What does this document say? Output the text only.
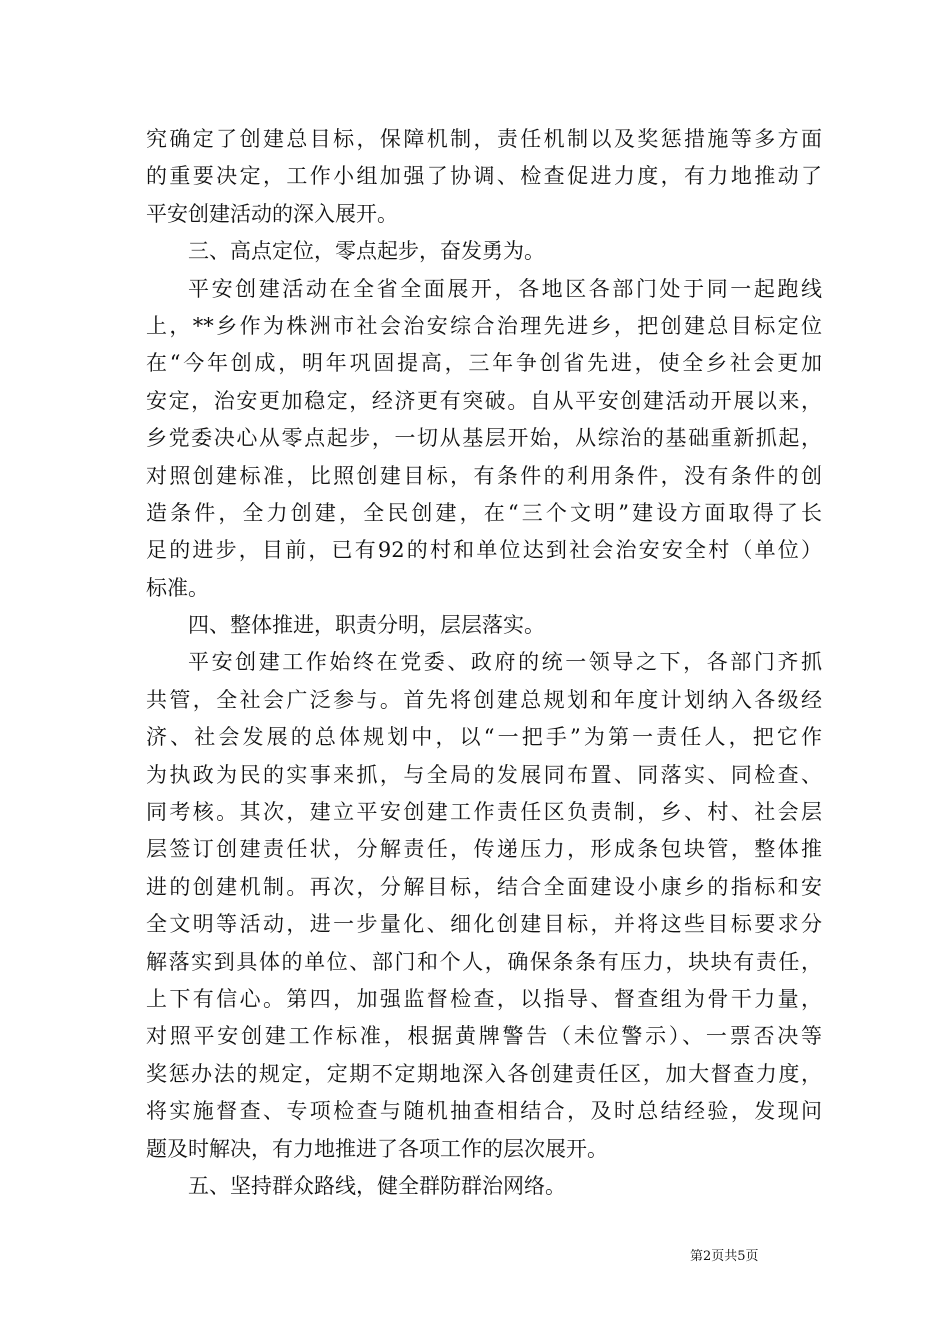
究确定了创建总目标，保障机制，责任机制以及奖惩措施等多方面
的重要决定，工作小组加强了协调、检查促进力度，有力地推动了
平安创建活动的深入展开。
三、高点定位，零点起步，奋发勇为。
平安创建活动在全省全面展开，各地区各部门处于同一起跑线
上，**乡作为株洲市社会治安综合治理先进乡，把创建总目标定位
在“今年创成，明年巩固提高，三年争创省先进，使全乡社会更加
安定，治安更加稳定，经济更有突破。自从平安创建活动开展以来，
乡党委决心从零点起步，一切从基层开始，从综治的基础重新抓起，
对照创建标准，比照创建目标，有条件的利用条件，没有条件的创
造条件，全力创建，全民创建，在“三个文明”建设方面取得了长
足的进步，目前，已有92的村和单位达到社会治安安全村（单位）
标准。
四、整体推进，职责分明，层层落实。
平安创建工作始终在党委、政府的统一领导之下，各部门齐抓
共管，全社会广泛参与。首先将创建总规划和年度计划纳入各级经
济、社会发展的总体规划中，以“一把手”为第一责任人，把它作
为执政为民的实事来抓，与全局的发展同布置、同落实、同检查、
同考核。其次，建立平安创建工作责任区负责制，乡、村、社会层
层签订创建责任状，分解责任，传递压力，形成条包块管，整体推
进的创建机制。再次，分解目标，结合全面建设小康乡的指标和安
全文明等活动，进一步量化、细化创建目标，并将这些目标要求分
解落实到具体的单位、部门和个人，确保条条有压力，块块有责任，
上下有信心。第四，加强监督检查，以指导、督查组为骨干力量，
对照平安创建工作标准，根据黄牌警告（未位警示）、一票否决等
奖惩办法的规定，定期不定期地深入各创建责任区，加大督查力度，
将实施督查、专项检查与随机抽查相结合，及时总结经验，发现问
题及时解决，有力地推进了各项工作的层次展开。
五、坚持群众路线，健全群防群治网络。
第2页共5页
